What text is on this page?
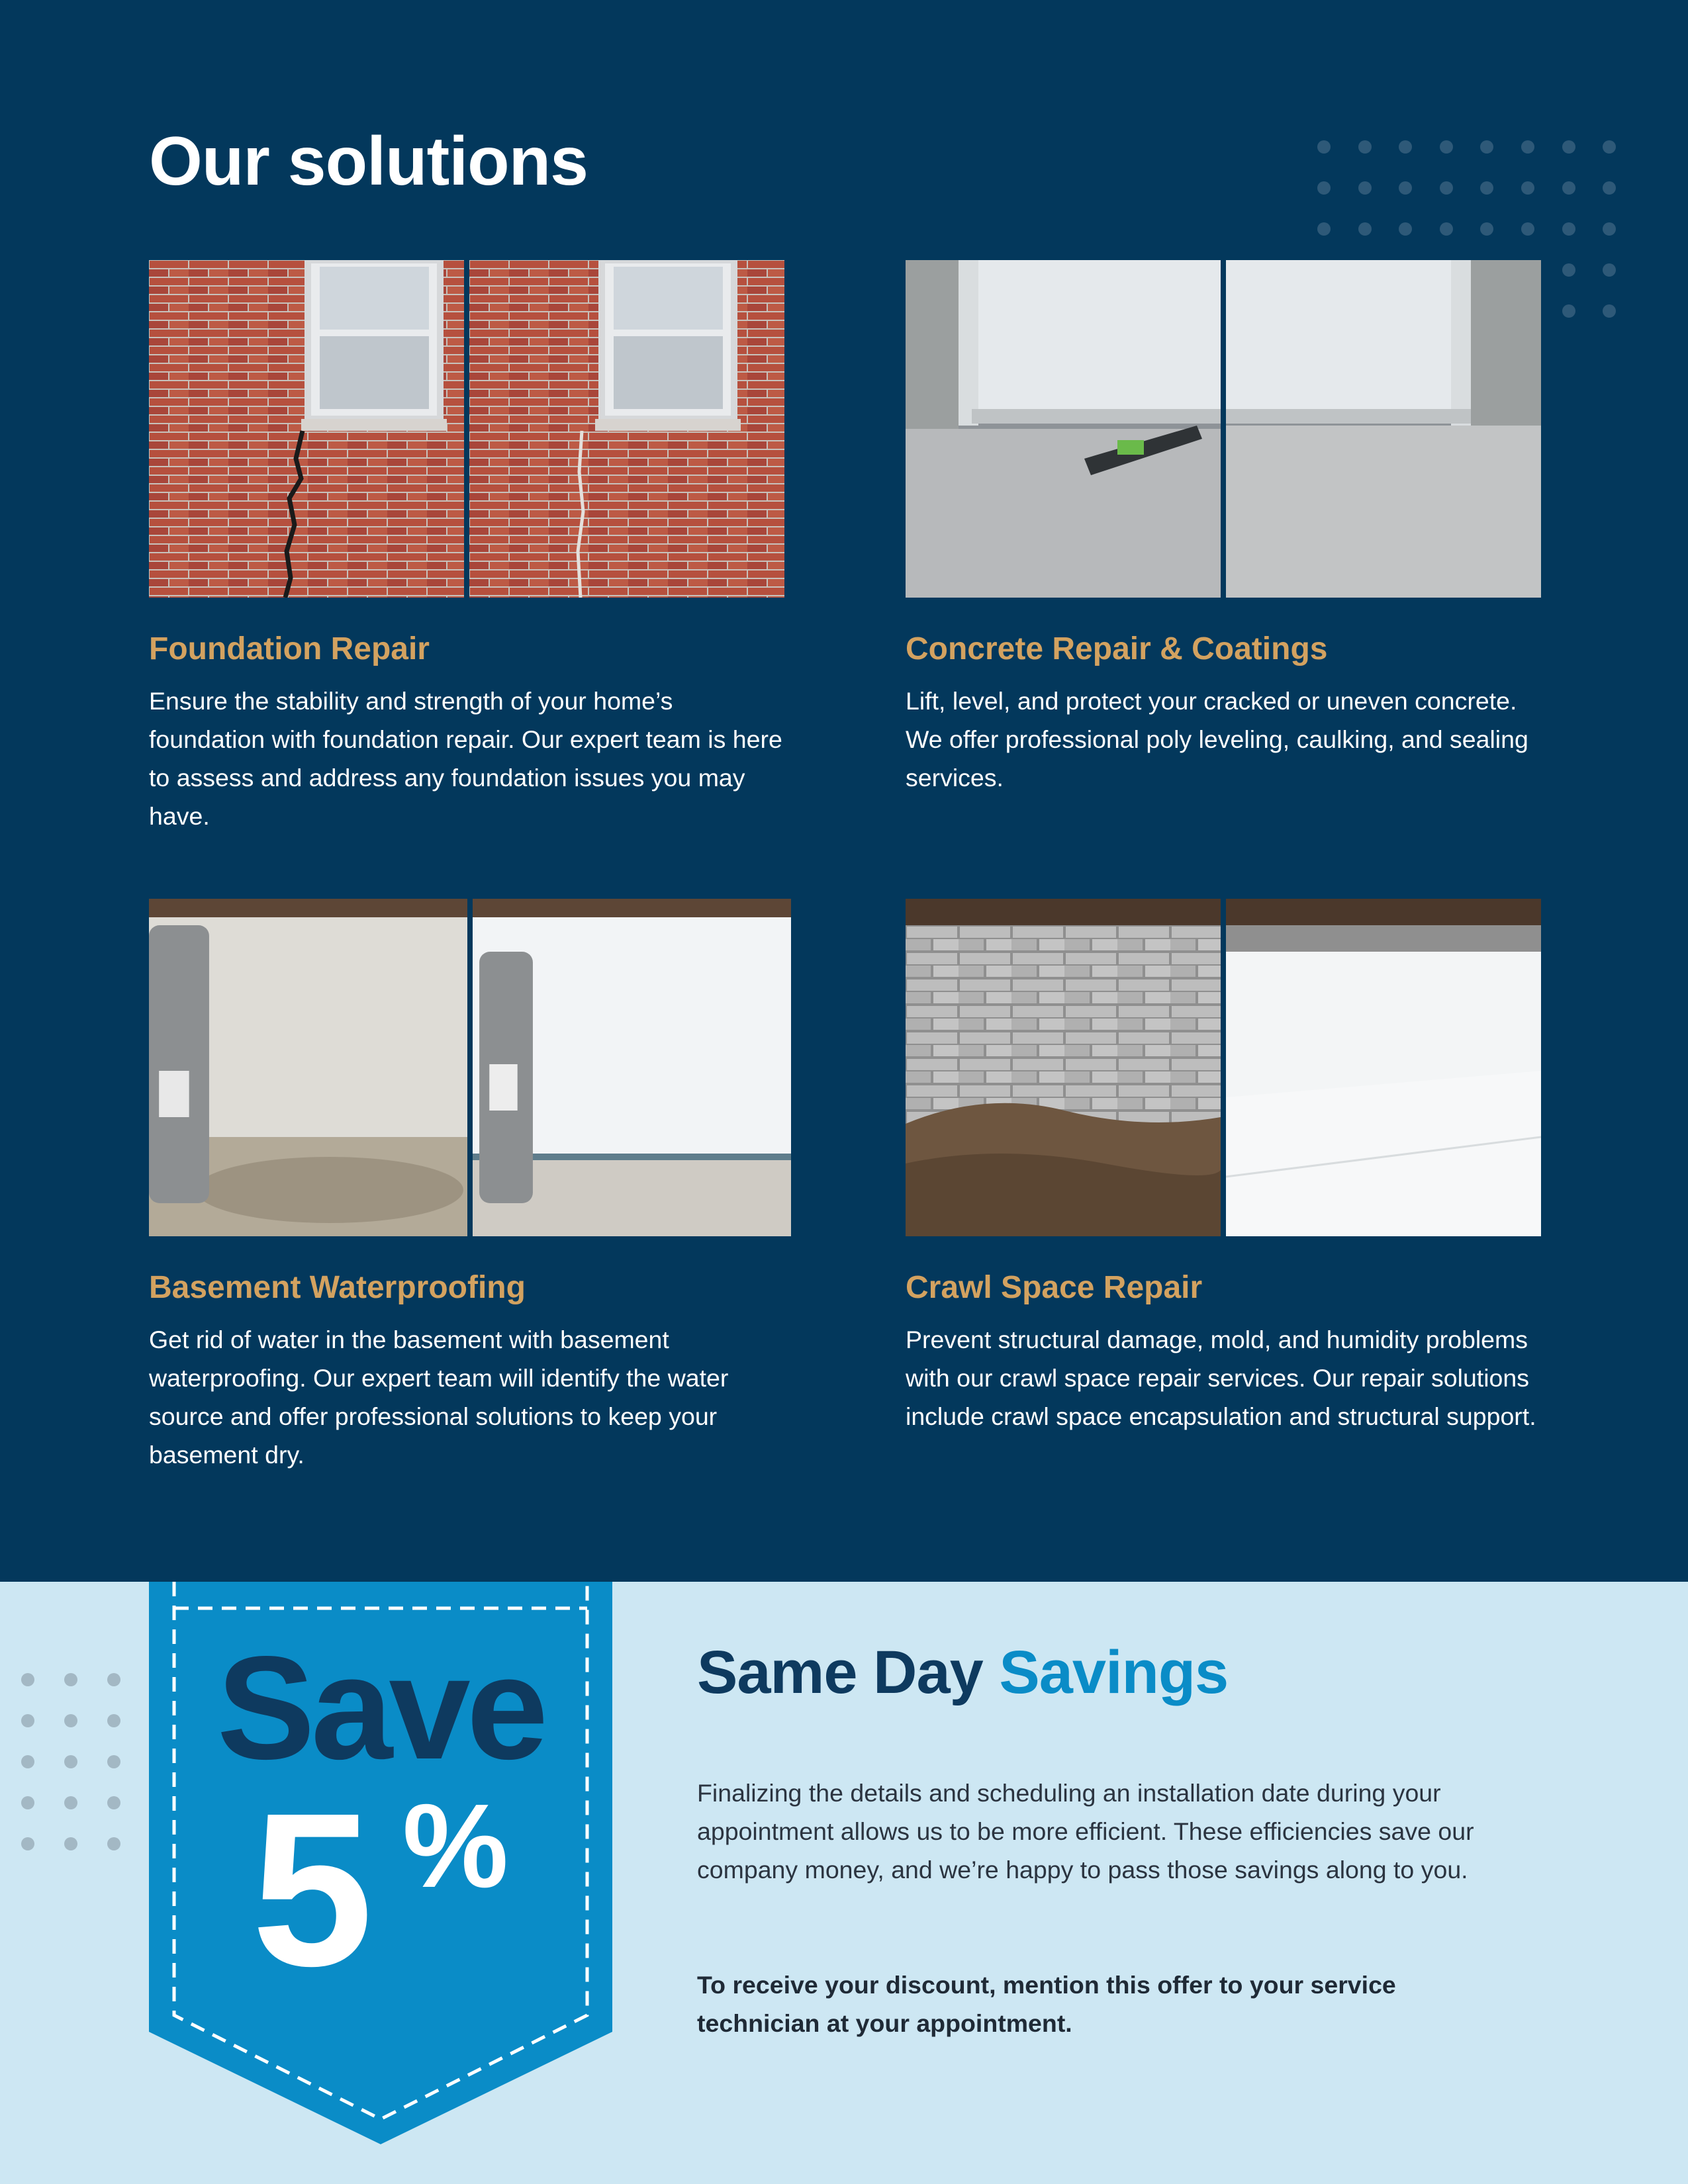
Our solutions
Foundation Repair

Ensure the stability and strength of your home’s foundation with foundation repair. Our expert team is here to assess and address any foundation issues you may have.

Concrete Repair & Coatings

Lift, level, and protect your cracked or uneven concrete. We offer professional poly leveling, caulking, and sealing services.

Basement Waterproofing

Get rid of water in the basement with basement waterproofing. Our expert team will identify the water source and offer professional solutions to keep your basement dry.

Crawl Space Repair

Prevent structural damage, mold, and humidity problems with our crawl space repair services. Our repair solutions include crawl space encapsulation and structural support.

Save
5 %
Same Day Savings

Finalizing the details and scheduling an installation date during your appointment allows us to be more efficient. These efficiencies save our company money, and we’re happy to pass those savings along to you.

To receive your discount, mention this offer to your service technician at your appointment.
